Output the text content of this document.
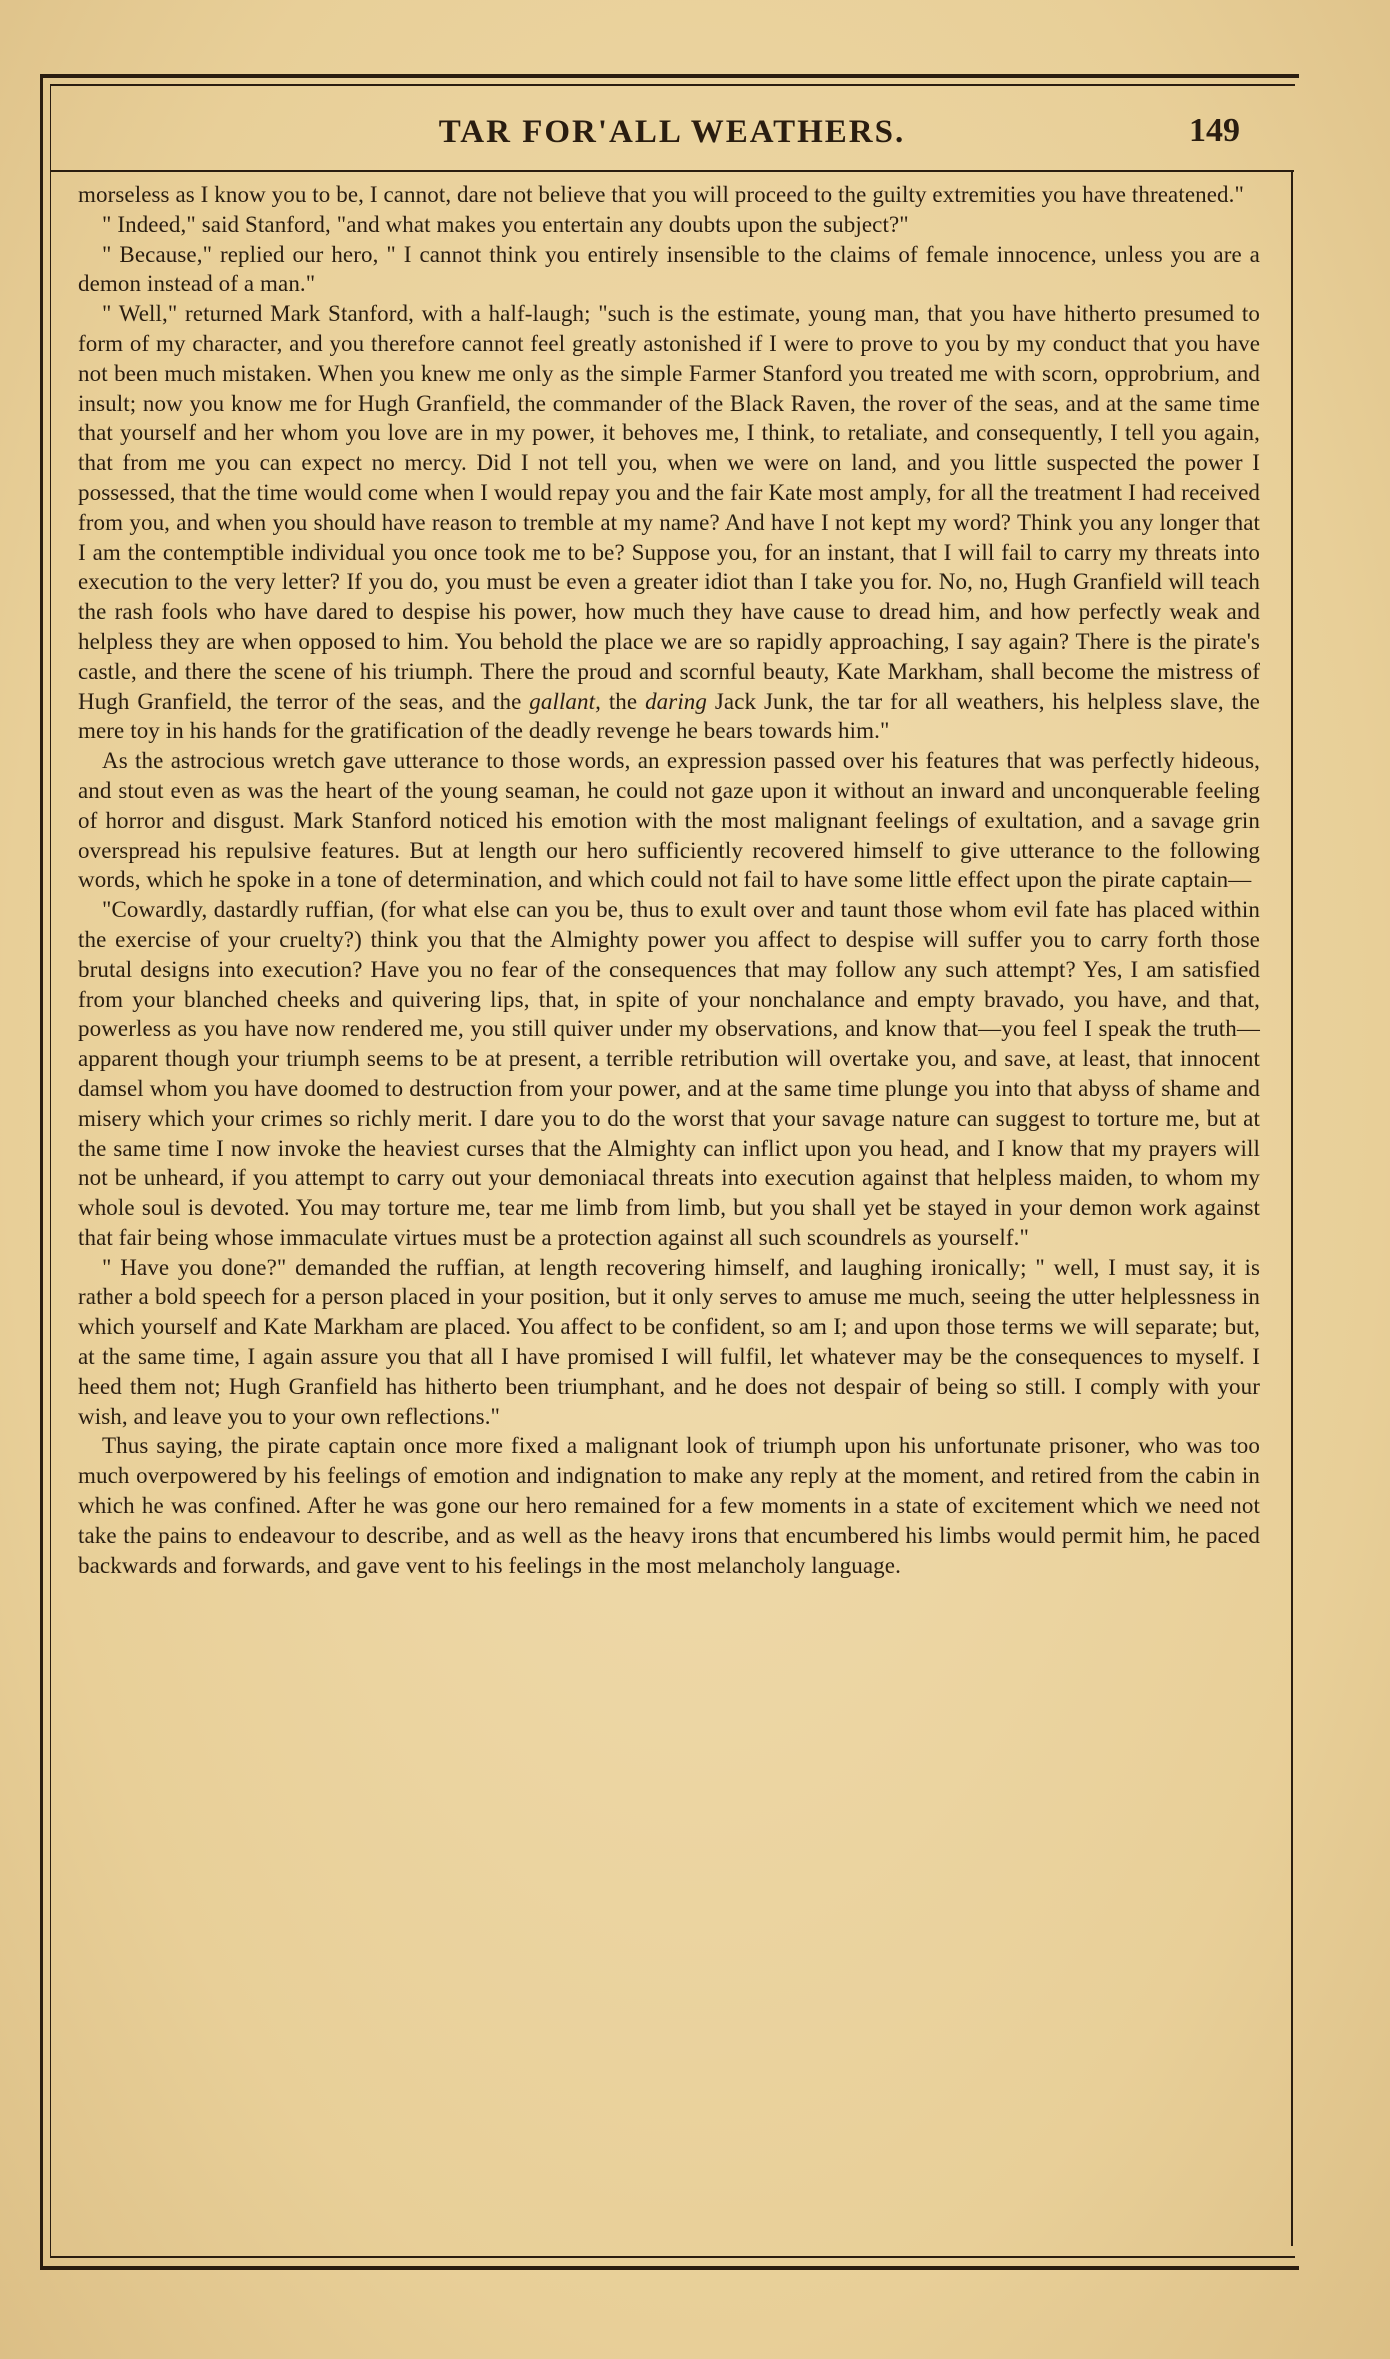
TAR FOR'ALL WEATHERS.	149

morseless as I know you to be, I cannot, dare not believe that you will proceed to the guilty extremities you have threatened."

" Indeed," said Stanford, "and what makes you entertain any doubts upon the subject?"

" Because," replied our hero, " I cannot think you entirely insensible to the claims of female innocence, unless you are a demon instead of a man."

" Well," returned Mark Stanford, with a half-laugh; "such is the estimate, young man, that you have hitherto presumed to form of my character, and you therefore cannot feel greatly astonished if I were to prove to you by my conduct that you have not been much mistaken. When you knew me only as the simple Farmer Stanford you treated me with scorn, opprobrium, and insult; now you know me for Hugh Granfield, the commander of the Black Raven, the rover of the seas, and at the same time that yourself and her whom you love are in my power, it behoves me, I think, to retaliate, and consequently, I tell you again, that from me you can expect no mercy. Did I not tell you, when we were on land, and you little suspected the power I possessed, that the time would come when I would repay you and the fair Kate most amply, for all the treatment I had received from you, and when you should have reason to tremble at my name? And have I not kept my word? Think you any longer that I am the contemptible individual you once took me to be? Suppose you, for an instant, that I will fail to carry my threats into execution to the very letter? If you do, you must be even a greater idiot than I take you for. No, no, Hugh Granfield will teach the rash fools who have dared to despise his power, how much they have cause to dread him, and how perfectly weak and helpless they are when opposed to him. You behold the place we are so rapidly approaching, I say again? There is the pirate's castle, and there the scene of his triumph. There the proud and scornful beauty, Kate Markham, shall become the mistress of Hugh Granfield, the terror of the seas, and the gallant, the daring Jack Junk, the tar for all weathers, his helpless slave, the mere toy in his hands for the gratification of the deadly revenge he bears towards him."

As the astrocious wretch gave utterance to those words, an expression passed over his features that was perfectly hideous, and stout even as was the heart of the young seaman, he could not gaze upon it without an inward and unconquerable feeling of horror and disgust. Mark Stanford noticed his emotion with the most malignant feelings of exultation, and a savage grin overspread his repulsive features. But at length our hero sufficiently recovered himself to give utterance to the following words, which he spoke in a tone of determination, and which could not fail to have some little effect upon the pirate captain—

"Cowardly, dastardly ruffian, (for what else can you be, thus to exult over and taunt those whom evil fate has placed within the exercise of your cruelty?) think you that the Almighty power you affect to despise will suffer you to carry forth those brutal designs into execution? Have you no fear of the consequences that may follow any such attempt? Yes, I am satisfied from your blanched cheeks and quivering lips, that, in spite of your nonchalance and empty bravado, you have, and that, powerless as you have now rendered me, you still quiver under my observations, and know that—you feel I speak the truth—apparent though your triumph seems to be at present, a terrible retribution will overtake you, and save, at least, that innocent damsel whom you have doomed to destruction from your power, and at the same time plunge you into that abyss of shame and misery which your crimes so richly merit. I dare you to do the worst that your savage nature can suggest to torture me, but at the same time I now invoke the heaviest curses that the Almighty can inflict upon you head, and I know that my prayers will not be unheard, if you attempt to carry out your demoniacal threats into execution against that helpless maiden, to whom my whole soul is devoted. You may torture me, tear me limb from limb, but you shall yet be stayed in your demon work against that fair being whose immaculate virtues must be a protection against all such scoundrels as yourself."

" Have you done?" demanded the ruffian, at length recovering himself, and laughing ironically; " well, I must say, it is rather a bold speech for a person placed in your position, but it only serves to amuse me much, seeing the utter helplessness in which yourself and Kate Markham are placed. You affect to be confident, so am I; and upon those terms we will separate; but, at the same time, I again assure you that all I have promised I will fulfil, let whatever may be the consequences to myself. I heed them not; Hugh Granfield has hitherto been triumphant, and he does not despair of being so still. I comply with your wish, and leave you to your own reflections."

Thus saying, the pirate captain once more fixed a malignant look of triumph upon his unfortunate prisoner, who was too much overpowered by his feelings of emotion and indignation to make any reply at the moment, and retired from the cabin in which he was confined. After he was gone our hero remained for a few moments in a state of excitement which we need not take the pains to endeavour to describe, and as well as the heavy irons that encumbered his limbs would permit him, he paced backwards and forwards, and gave vent to his feelings in the most melancholy language.
